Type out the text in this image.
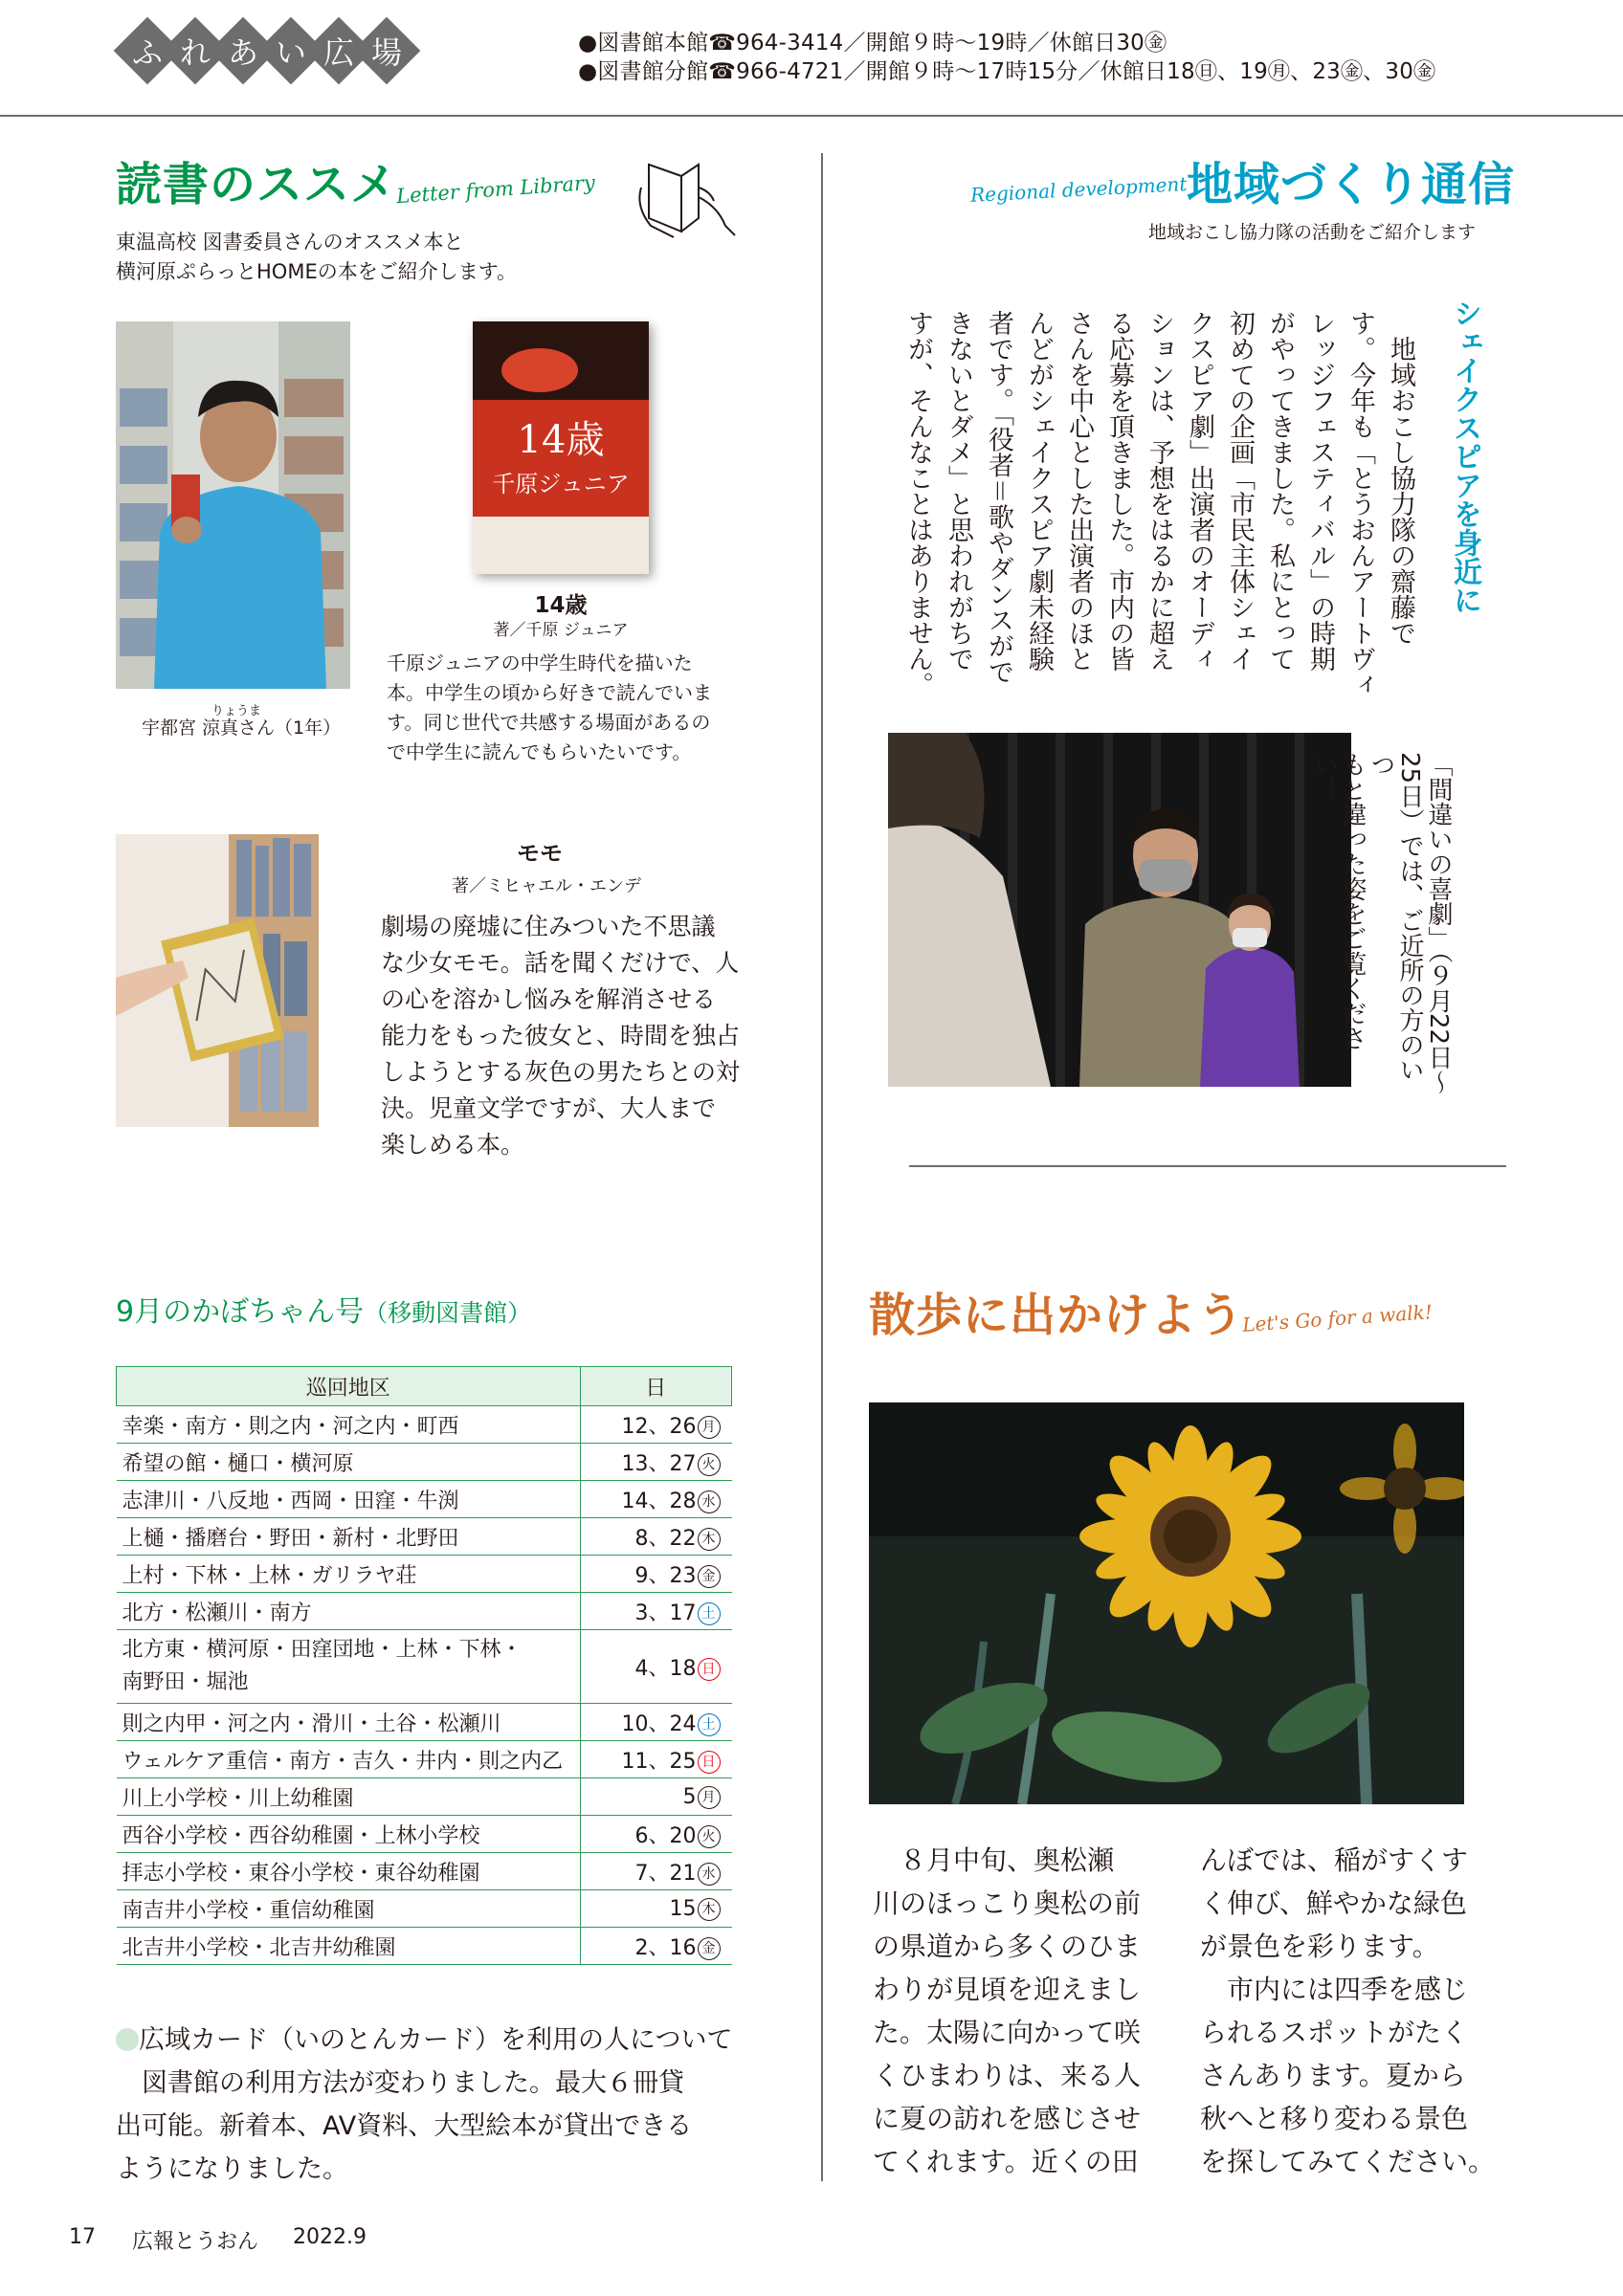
ふ れ あ い 広 場	●図書館本館☎964-3414／開館９時～19時／休館日30㊎
●図書館分館☎966-4721／開館９時～17時15分／休館日18㊐、19㊊、23㊎、30㊎
読書のススメ
Letter from Library
東温高校 図書委員さんのオススメ本と
横河原ぷらっとHOMEの本をご紹介します。
りょうま
宇都宮 涼真さん（1年）
14歳
千原ジュニア
14歳
著／千原 ジュニア
千原ジュニアの中学生時代を描いた
本。中学生の頃から好きで読んでいま
す。同じ世代で共感する場面があるの
で中学生に読んでもらいたいです。
モモ
著／ミヒャエル・エンデ
劇場の廃墟に住みついた不思議
な少女モモ。話を聞くだけで、人
の心を溶かし悩みを解消させる
能力をもった彼女と、時間を独占
しようとする灰色の男たちとの対
決。児童文学ですが、大人まで
楽しめる本。
9月のかぼちゃん号（移動図書館）
巡回地区	日
幸楽・南方・則之内・河之内・町西	12、26 月
希望の館・樋口・横河原	13、27 火
志津川・八反地・西岡・田窪・牛渕	14、28 水
上樋・播磨台・野田・新村・北野田	8、22 木
上村・下林・上林・ガリラヤ荘	9、23 金
北方・松瀬川・南方	3、17 土
北方東・横河原・田窪団地・上林・下林・
南野田・堀池	4、18 日
則之内甲・河之内・滑川・土谷・松瀬川	10、24 土
ウェルケア重信・南方・吉久・井内・則之内乙	11、25 日
川上小学校・川上幼稚園	5 月
西谷小学校・西谷幼稚園・上林小学校	6、20 火
拝志小学校・東谷小学校・東谷幼稚園	7、21 水
南吉井小学校・重信幼稚園	15 木
北吉井小学校・北吉井幼稚園	2、16 金
広域カード（いのとんカード）を利用の人について
　図書館の利用方法が変わりました。最大６冊貸
出可能。新着本、AV資料、大型絵本が貸出できる
ようになりました。
Regional development 地域づくり通信
地域おこし協力隊の活動をご紹介します
シェイクスピアを身近に
　地域おこし協力隊の齋藤で
す。今年も「とうおんアートヴィ
レッジフェスティバル」の時期
がやってきました。私にとって
初めての企画「市民主体シェイ
クスピア劇」出演者のオーディ
ションは、予想をはるかに超え
る応募を頂きました。市内の皆
さんを中心とした出演者のほと
んどがシェイクスピア劇未経験
者です。「役者＝歌やダンスがで
きないとダメ」と思われがちで
すが、そんなことはありません。
「間違いの喜劇」（９月22日～
25日）では、ご近所の方のいつ
もと違った姿をご覧ください！
散歩に出かけよう
Let's Go for a walk!
　８月中旬、奥松瀬
川のほっこり奥松の前
の県道から多くのひま
わりが見頃を迎えまし
た。太陽に向かって咲
くひまわりは、来る人
に夏の訪れを感じさせ
てくれます。近くの田
んぼでは、稲がすくす
く伸び、鮮やかな緑色
が景色を彩ります。
　市内には四季を感じ
られるスポットがたく
さんあります。夏から
秋へと移り変わる景色
を探してみてください。
17 広報とうおん 2022.9
